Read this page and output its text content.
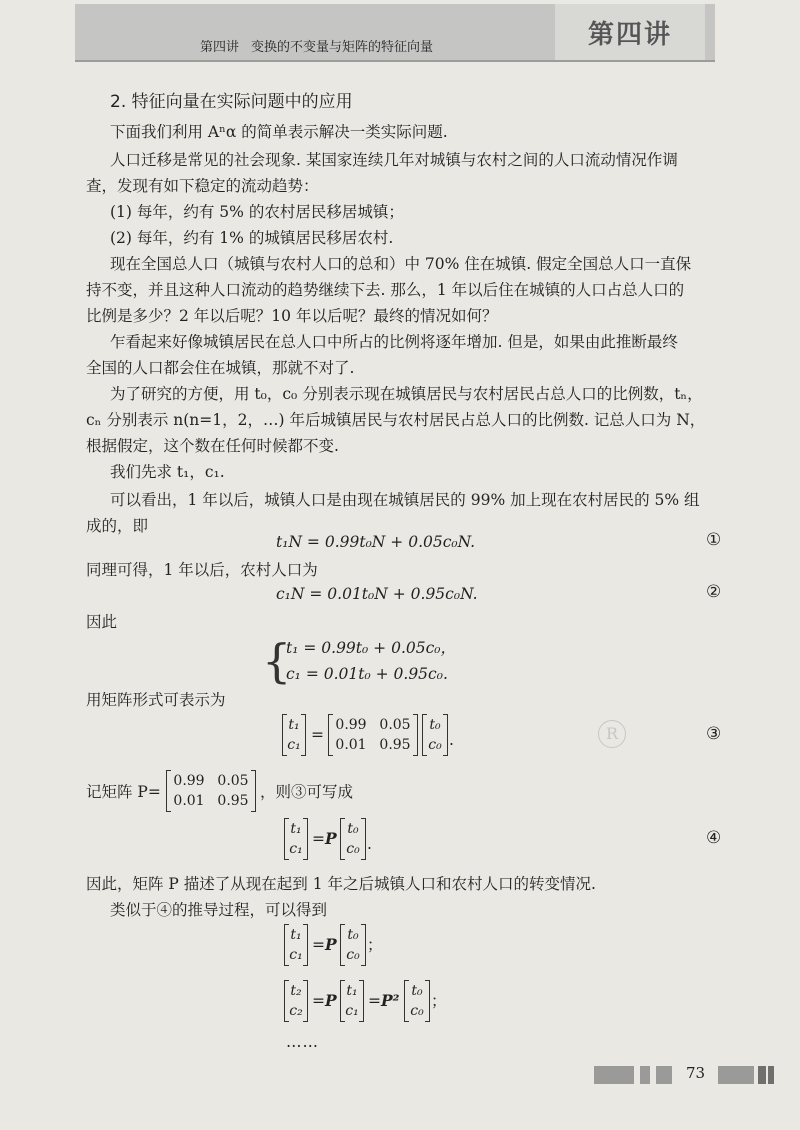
第四讲 变换的不变量与矩阵的特征向量	第四讲
2. 特征向量在实际问题中的应用
下面我们利用 Aⁿα 的简单表示解决一类实际问题.
人口迁移是常见的社会现象. 某国家连续几年对城镇与农村之间的人口流动情况作调
查，发现有如下稳定的流动趋势：
(1) 每年，约有 5% 的农村居民移居城镇；
(2) 每年，约有 1% 的城镇居民移居农村.
现在全国总人口（城镇与农村人口的总和）中 70% 住在城镇. 假定全国总人口一直保
持不变，并且这种人口流动的趋势继续下去. 那么，1 年以后住在城镇的人口占总人口的
比例是多少？2 年以后呢？10 年以后呢？最终的情况如何？
乍看起来好像城镇居民在总人口中所占的比例将逐年增加. 但是，如果由此推断最终
全国的人口都会住在城镇，那就不对了.
为了研究的方便，用 t₀，c₀ 分别表示现在城镇居民与农村居民占总人口的比例数，tₙ，
cₙ 分别表示 n(n=1，2，…) 年后城镇居民与农村居民占总人口的比例数. 记总人口为 N，
根据假定，这个数在任何时候都不变.
我们先求 t₁，c₁.
可以看出，1 年以后，城镇人口是由现在城镇居民的 99% 加上现在农村居民的 5% 组
成的，即
t₁N = 0.99t₀N + 0.05c₀N.	①
同理可得，1 年以后，农村人口为
c₁N = 0.01t₀N + 0.95c₀N.	②
因此
{
t₁ = 0.99t₀ + 0.05c₀，
c₁ = 0.01t₀ + 0.95c₀.
用矩阵形式可表示为
t₁
c₁
=
0.99 0.05
0.01 0.95
t₀
c₀ .	③
记矩阵 P=
0.99 0.05
0.01 0.95 ，则③可写成
t₁
c₁
= P t₀
c₀ .	④
因此，矩阵 P 描述了从现在起到 1 年之后城镇人口和农村人口的转变情况.
类似于④的推导过程，可以得到
t₁
c₁
= P t₀
c₀
；
t₂
c₂
= P t₁
c₁
= P² t₀
c₀
；
……
R
73
